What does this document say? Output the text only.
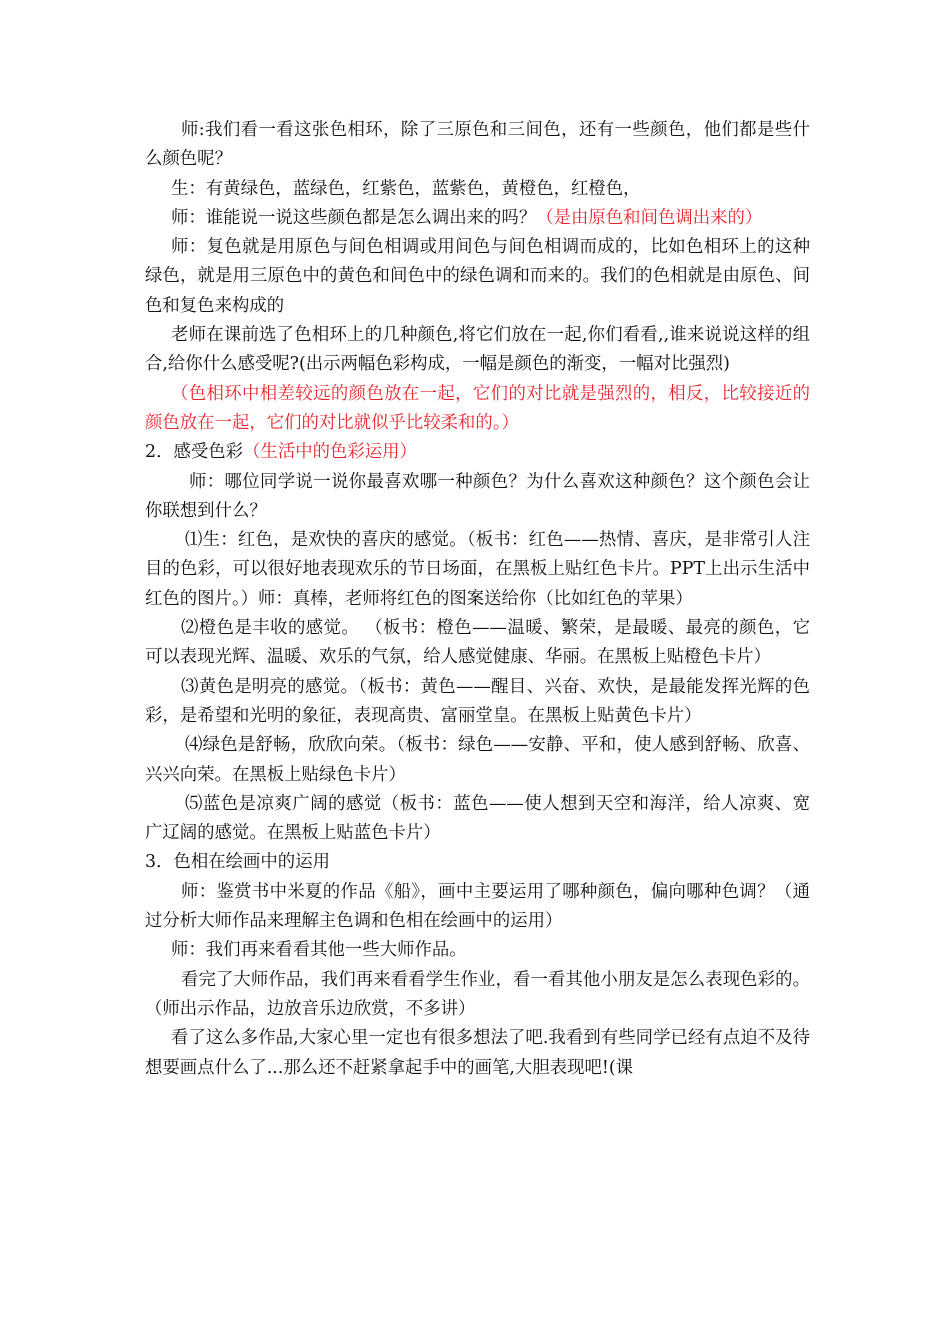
师:我们看一看这张色相环，除了三原色和三间色，还有一些颜色，他们都是些什么颜色呢？

生：有黄绿色，蓝绿色，红紫色，蓝紫色，黄橙色，红橙色，

师：谁能说一说这些颜色都是怎么调出来的吗？（是由原色和间色调出来的）

师：复色就是用原色与间色相调或用间色与间色相调而成的，比如色相环上的这种绿色，就是用三原色中的黄色和间色中的绿色调和而来的。我们的色相就是由原色、间色和复色来构成的

老师在课前选了色相环上的几种颜色,将它们放在一起,你们看看,,谁来说说这样的组合,给你什么感受呢?(出示两幅色彩构成，一幅是颜色的渐变，一幅对比强烈)

（色相环中相差较远的颜色放在一起，它们的对比就是强烈的，相反，比较接近的颜色放在一起，它们的对比就似乎比较柔和的。）

2．感受色彩（生活中的色彩运用）

师：哪位同学说一说你最喜欢哪一种颜色？为什么喜欢这种颜色？这个颜色会让你联想到什么？

⑴生：红色，是欢快的喜庆的感觉。（板书：红色——热情、喜庆，是非常引人注目的色彩，可以很好地表现欢乐的节日场面，在黑板上贴红色卡片。PPT上出示生活中红色的图片。）师：真棒，老师将红色的图案送给你（比如红色的苹果）

⑵橙色是丰收的感觉。 （板书：橙色——温暖、繁荣，是最暖、最亮的颜色，它可以表现光辉、温暖、欢乐的气氛，给人感觉健康、华丽。在黑板上贴橙色卡片）

⑶黄色是明亮的感觉。（板书：黄色——醒目、兴奋、欢快，是最能发挥光辉的色彩，是希望和光明的象征，表现高贵、富丽堂皇。在黑板上贴黄色卡片）

⑷绿色是舒畅，欣欣向荣。（板书：绿色——安静、平和，使人感到舒畅、欣喜、兴兴向荣。在黑板上贴绿色卡片）

⑸蓝色是凉爽广阔的感觉（板书：蓝色——使人想到天空和海洋，给人凉爽、宽广辽阔的感觉。在黑板上贴蓝色卡片）

3．色相在绘画中的运用

师：鉴赏书中米夏的作品《船》，画中主要运用了哪种颜色，偏向哪种色调？（通过分析大师作品来理解主色调和色相在绘画中的运用）

师：我们再来看看其他一些大师作品。

看完了大师作品，我们再来看看学生作业，看一看其他小朋友是怎么表现色彩的。（师出示作品，边放音乐边欣赏，不多讲）

看了这么多作品,大家心里一定也有很多想法了吧.我看到有些同学已经有点迫不及待想要画点什么了...那么还不赶紧拿起手中的画笔,大胆表现吧!(课
